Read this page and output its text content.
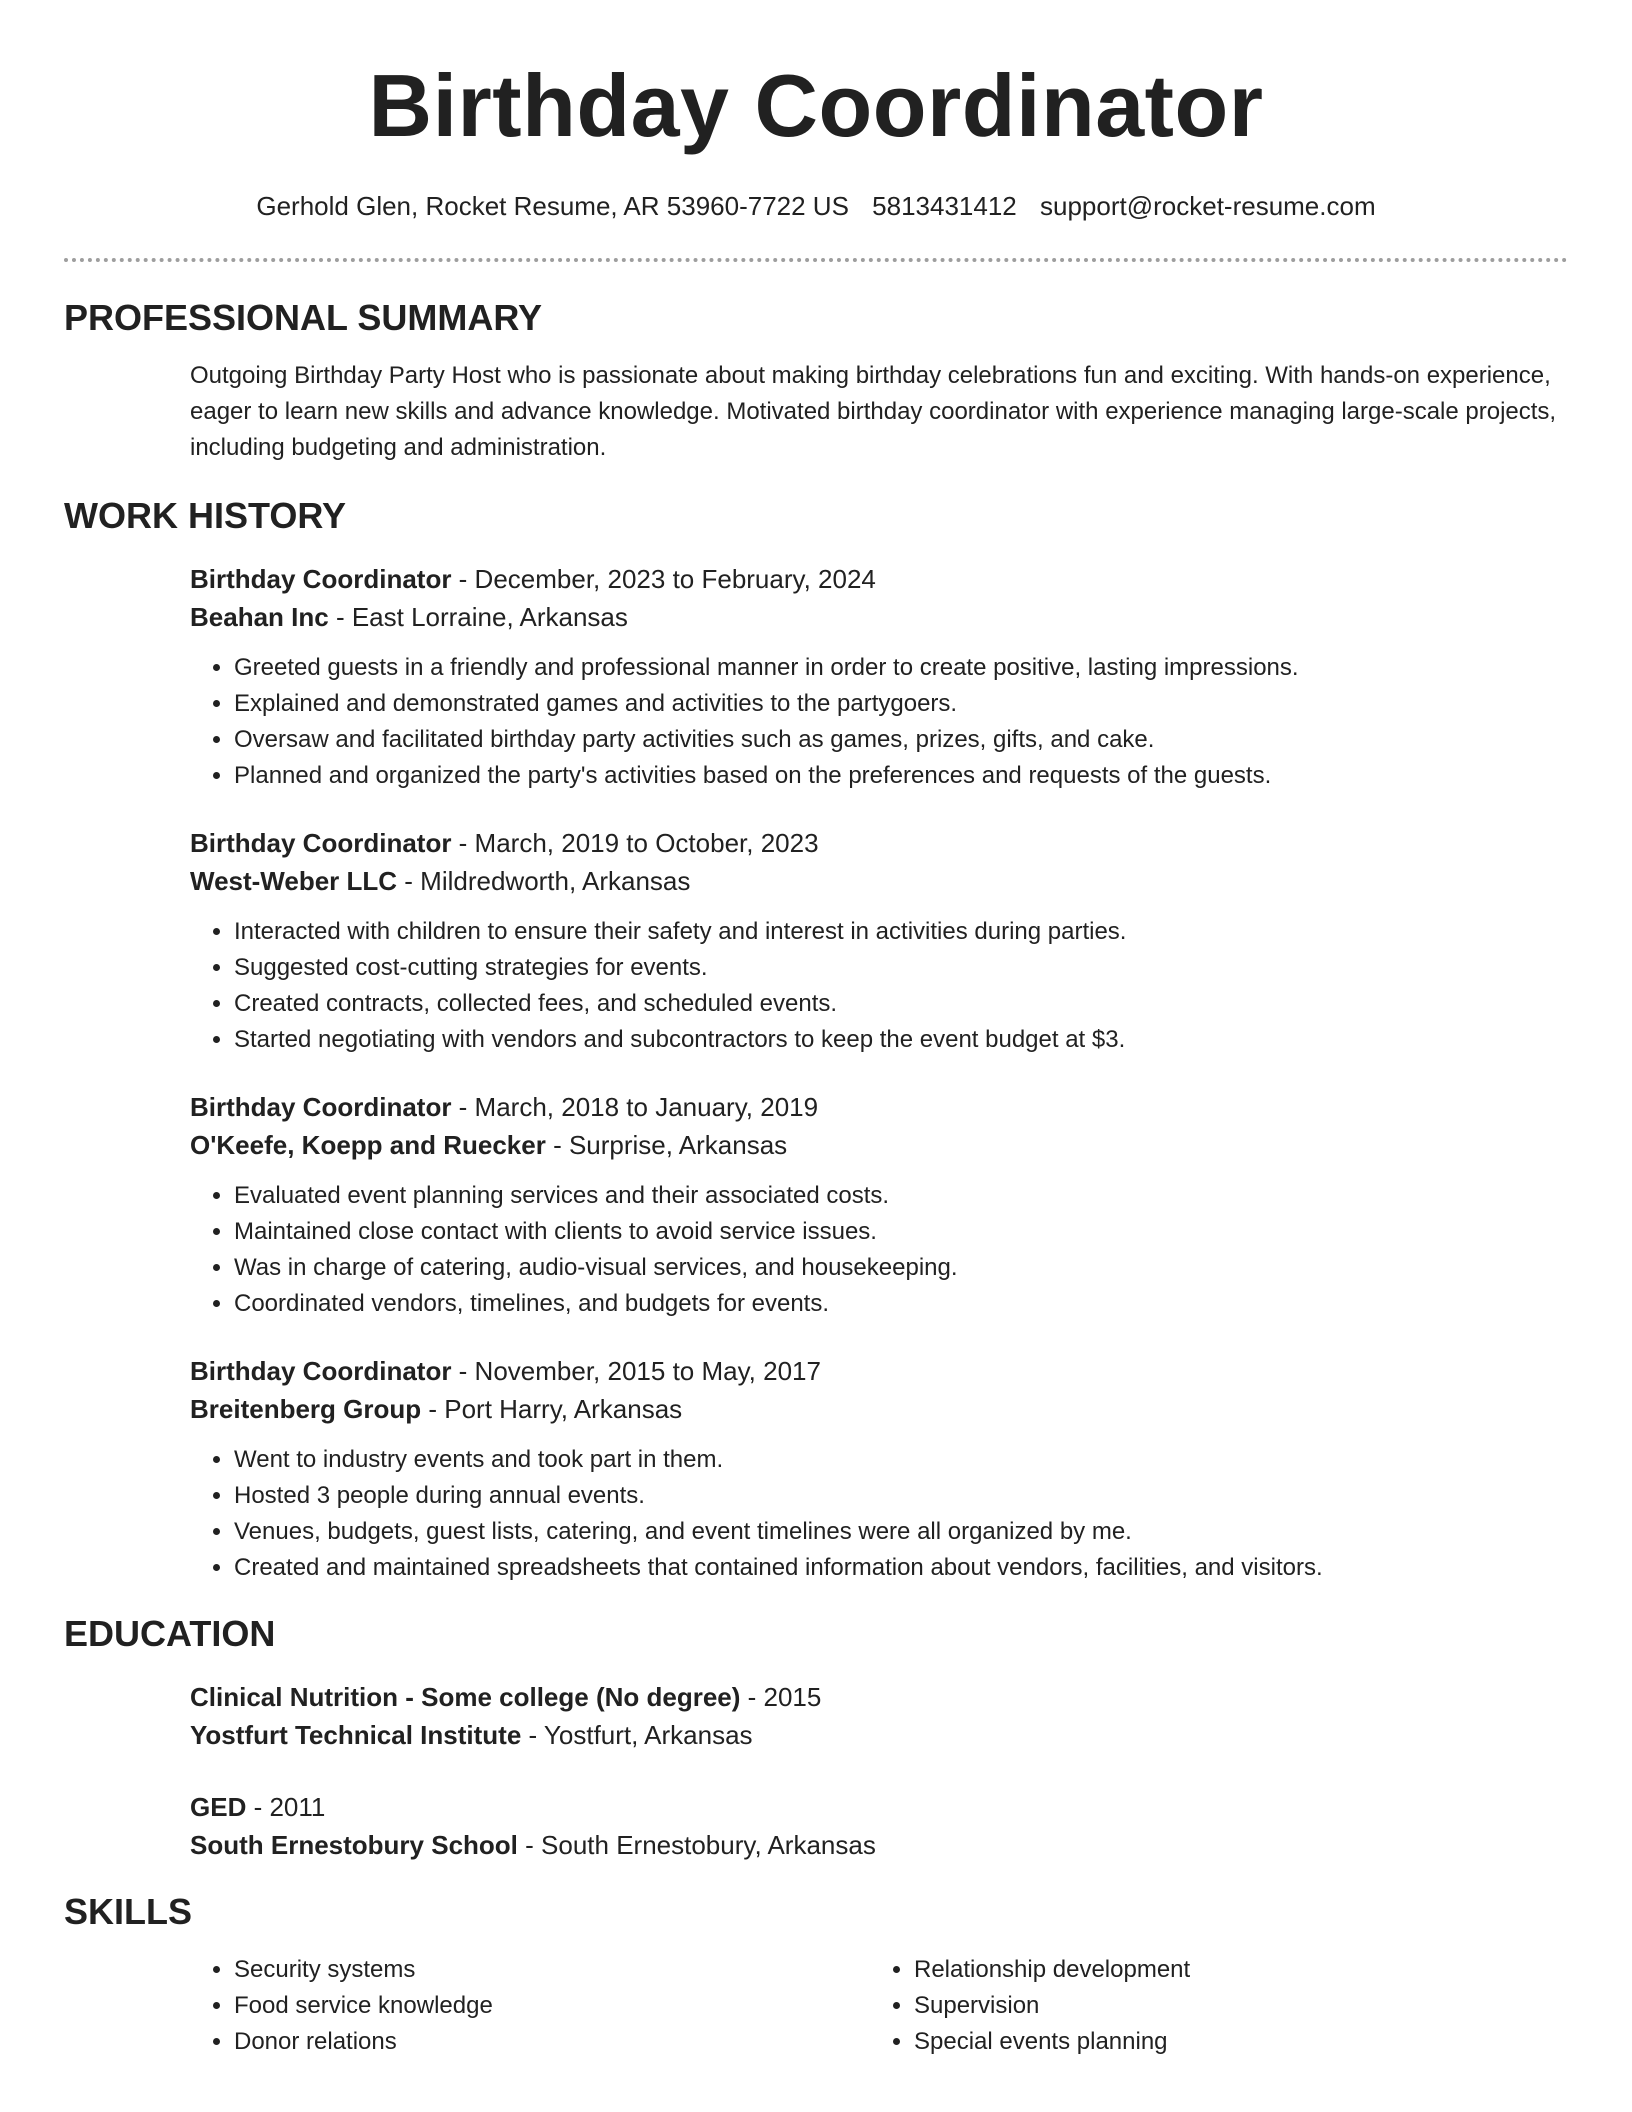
Birthday Coordinator
Gerhold Glen, Rocket Resume, AR 53960-7722 US 5813431412 support@rocket-resume.com
PROFESSIONAL SUMMARY

Outgoing Birthday Party Host who is passionate about making birthday celebrations fun and exciting. With hands-on experience, eager to learn new skills and advance knowledge. Motivated birthday coordinator with experience managing large-scale projects, including budgeting and administration.

WORK HISTORY

Birthday Coordinator - December, 2023 to February, 2024

Beahan Inc - East Lorraine, Arkansas

• Greeted guests in a friendly and professional manner in order to create positive, lasting impressions.
• Explained and demonstrated games and activities to the partygoers.
• Oversaw and facilitated birthday party activities such as games, prizes, gifts, and cake.
• Planned and organized the party's activities based on the preferences and requests of the guests.

Birthday Coordinator - March, 2019 to October, 2023

West-Weber LLC - Mildredworth, Arkansas

• Interacted with children to ensure their safety and interest in activities during parties.
• Suggested cost-cutting strategies for events.
• Created contracts, collected fees, and scheduled events.
• Started negotiating with vendors and subcontractors to keep the event budget at $3.

Birthday Coordinator - March, 2018 to January, 2019

O'Keefe, Koepp and Ruecker - Surprise, Arkansas

• Evaluated event planning services and their associated costs.
• Maintained close contact with clients to avoid service issues.
• Was in charge of catering, audio-visual services, and housekeeping.
• Coordinated vendors, timelines, and budgets for events.

Birthday Coordinator - November, 2015 to May, 2017

Breitenberg Group - Port Harry, Arkansas

• Went to industry events and took part in them.
• Hosted 3 people during annual events.
• Venues, budgets, guest lists, catering, and event timelines were all organized by me.
• Created and maintained spreadsheets that contained information about vendors, facilities, and visitors.
EDUCATION

Clinical Nutrition - Some college (No degree) - 2015

Yostfurt Technical Institute - Yostfurt, Arkansas

GED - 2011

South Ernestobury School - South Ernestobury, Arkansas

SKILLS
• Security systems
• Food service knowledge
• Donor relations
• Relationship development
• Supervision
• Special events planning
